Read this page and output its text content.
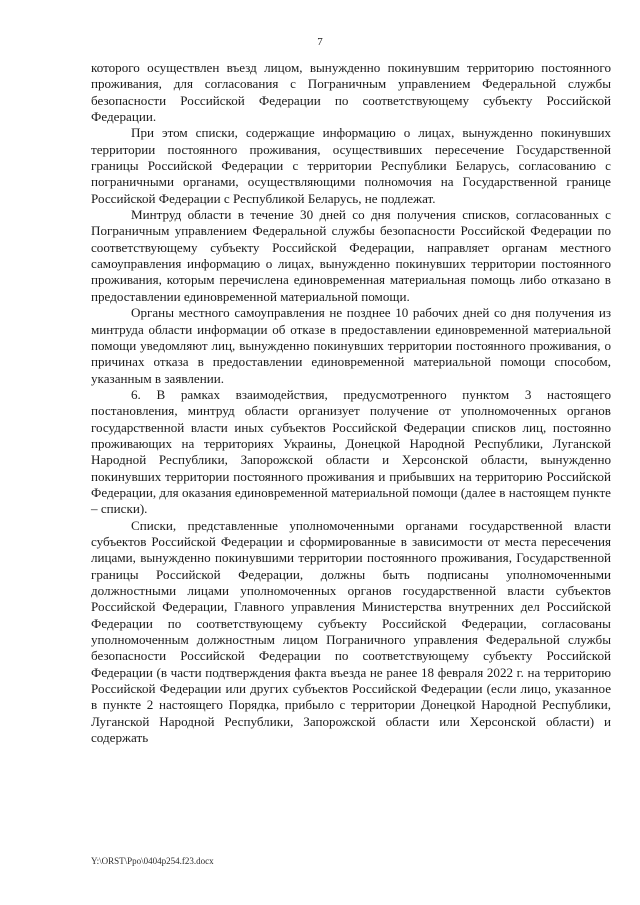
7

которого осуществлен въезд лицом, вынужденно покинувшим территорию постоянного проживания, для согласования с Пограничным управлением Федеральной службы безопасности Российской Федерации по соответствующему субъекту Российской Федерации.

При этом списки, содержащие информацию о лицах, вынужденно покинувших территории постоянного проживания, осуществивших пересечение Государственной границы Российской Федерации с территории Республики Беларусь, согласованию с пограничными органами, осуществляющими полномочия на Государственной границе Российской Федерации с Республикой Беларусь, не подлежат.

Минтруд области в течение 30 дней со дня получения списков, согласованных с Пограничным управлением Федеральной службы безопасности Российской Федерации по соответствующему субъекту Российской Федерации, направляет органам местного самоуправления информацию о лицах, вынужденно покинувших территории постоянного проживания, которым перечислена единовременная материальная помощь либо отказано в предоставлении единовременной материальной помощи.

Органы местного самоуправления не позднее 10 рабочих дней со дня получения из минтруда области информации об отказе в предоставлении единовременной материальной помощи уведомляют лиц, вынужденно покинувших территории постоянного проживания, о причинах отказа в предоставлении единовременной материальной помощи способом, указанным в заявлении.

6. В рамках взаимодействия, предусмотренного пунктом 3 настоящего постановления, минтруд области организует получение от уполномоченных органов государственной власти иных субъектов Российской Федерации списков лиц, постоянно проживающих на территориях Украины, Донецкой Народной Республики, Луганской Народной Республики, Запорожской области и Херсонской области, вынужденно покинувших территории постоянного проживания и прибывших на территорию Российской Федерации, для оказания единовременной материальной помощи (далее в настоящем пункте – списки).

Списки, представленные уполномоченными органами государственной власти субъектов Российской Федерации и сформированные в зависимости от места пересечения лицами, вынужденно покинувшими территории постоянного проживания, Государственной границы Российской Федерации, должны быть подписаны уполномоченными должностными лицами уполномоченных органов государственной власти субъектов Российской Федерации, Главного управления Министерства внутренних дел Российской Федерации по соответствующему субъекту Российской Федерации, согласованы уполномоченным должностным лицом Пограничного управления Федеральной службы безопасности Российской Федерации по соответствующему субъекту Российской Федерации (в части подтверждения факта въезда не ранее 18 февраля 2022 г. на территорию Российской Федерации или других субъектов Российской Федерации (если лицо, указанное в пункте 2 настоящего Порядка, прибыло с территории Донецкой Народной Республики, Луганской Народной Республики, Запорожской области или Херсонской области) и содержать

Y:\ORST\Ppo\0404p254.f23.docx
